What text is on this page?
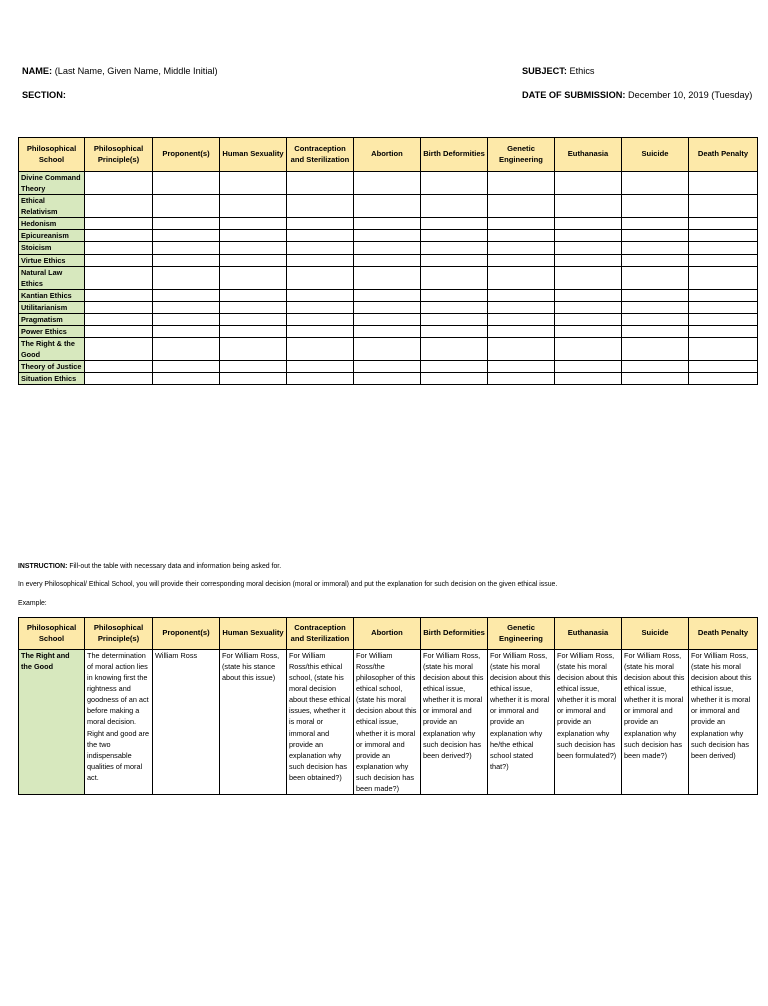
NAME: (Last Name, Given Name, Middle Initial)	SUBJECT: Ethics
SECTION:	DATE OF SUBMISSION: December 10, 2019 (Tuesday)
Philosophical School	Philosophical Principle(s)	Proponent(s)	Human Sexuality	Contraception and Sterilization	Abortion	Birth Deformities	Genetic Engineering	Euthanasia	Suicide	Death Penalty
Divine Command Theory										
Ethical Relativism										
Hedonism										
Epicureanism										
Stoicism										
Virtue Ethics										
Natural Law Ethics										
Kantian Ethics										
Utilitarianism										
Pragmatism										
Power Ethics										
The Right & the Good										
Theory of Justice										
Situation Ethics										
INSTRUCTION: Fill-out the table with necessary data and information being asked for.
In every Philosophical/ Ethical School, you will provide their corresponding moral decision (moral or immoral) and put the explanation for such decision on the given ethical issue.
Example:
Philosophical School	Philosophical Principle(s)	Proponent(s)	Human Sexuality	Contraception and Sterilization	Abortion	Birth Deformities	Genetic Engineering	Euthanasia	Suicide	Death Penalty
The Right and the Good	The determination of moral action lies in knowing first the rightness and goodness of an act before making a moral decision. Right and good are the two indispensable qualities of moral act.	William Ross	For William Ross, (state his stance about this issue)	For William Ross/this ethical school, (state his moral decision about these ethical issues, whether it is moral or immoral and provide an explanation why such decision has been obtained?)	For William Ross/the philosopher of this ethical school, (state his moral decision about this ethical issue, whether it is moral or immoral and provide an explanation why such decision has been made?)	For William Ross, (state his moral decision about this ethical issue, whether it is moral or immoral and provide an explanation why such decision has been derived?)	For William Ross, (state his moral decision about this ethical issue, whether it is moral or immoral and provide an explanation why he/the ethical school stated that?)	For William Ross, (state his moral decision about this ethical issue, whether it is moral or immoral and provide an explanation why such decision has been formulated?)	For William Ross, (state his moral decision about this ethical issue, whether it is moral or immoral and provide an explanation why such decision has been made?)	For William Ross, (state his moral decision about this ethical issue, whether it is moral or immoral and provide an explanation why such decision has been derived)
